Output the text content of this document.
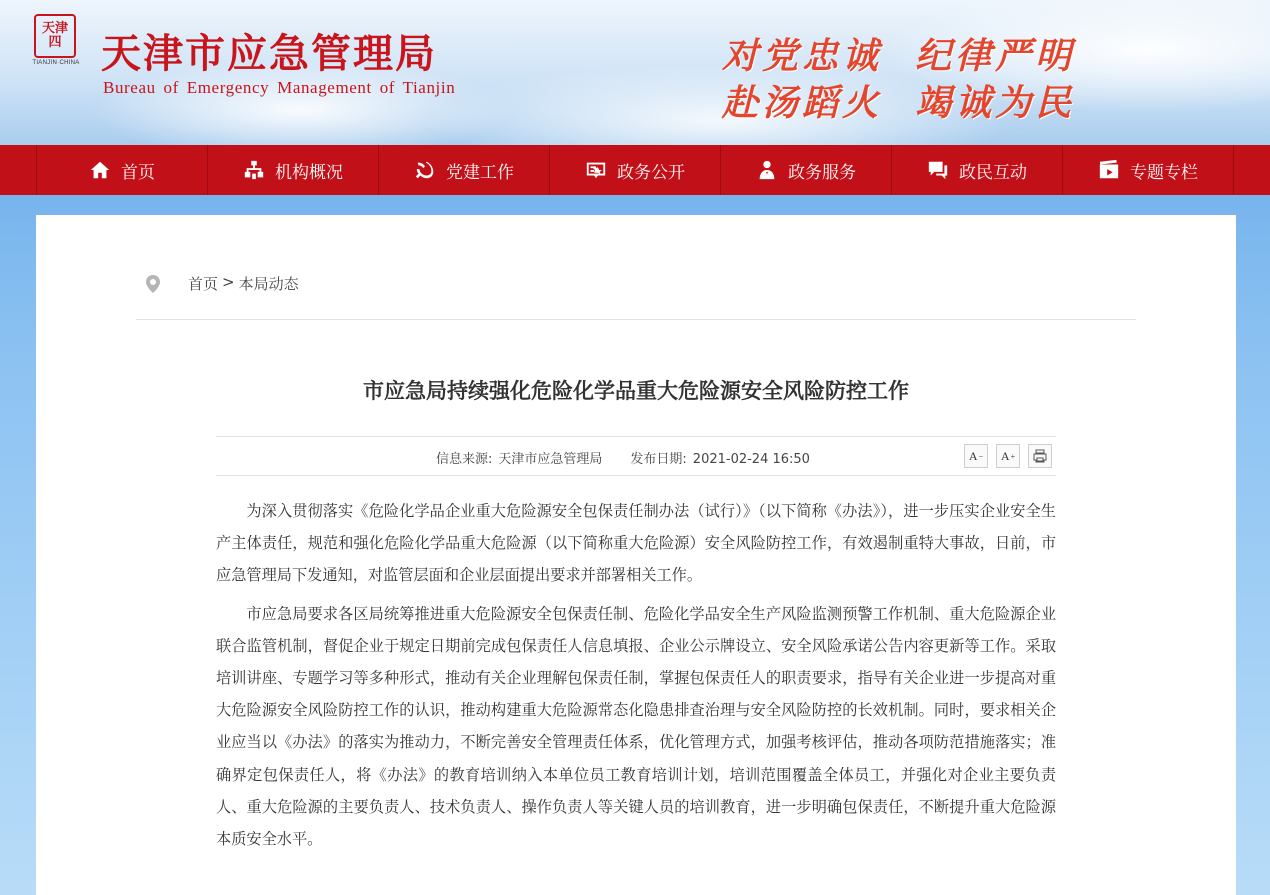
天津
四
TIANJIN·CHINA 天津市应急管理局
Bureau of Emergency Management of Tianjin
对党忠诚  纪律严明
赴汤蹈火  竭诚为民
首页	机构概况	党建工作	政务公开	政务服务	政民互动	专题专栏
首页 > 本局动态
市应急局持续强化危险化学品重大危险源安全风险防控工作
信息来源: 天津市应急管理局 发布日期: 2021-02-24 16:50	A − A +

为深入贯彻落实《危险化学品企业重大危险源安全包保责任制办法（试行）》（以下简称《办法》），进一步压实企业安全生产主体责任，规范和强化危险化学品重大危险源（以下简称重大危险源）安全风险防控工作，有效遏制重特大事故，日前，市应急管理局下发通知，对监管层面和企业层面提出要求并部署相关工作。

市应急局要求各区局统筹推进重大危险源安全包保责任制、危险化学品安全生产风险监测预警工作机制、重大危险源企业联合监管机制，督促企业于规定日期前完成包保责任人信息填报、企业公示牌设立、安全风险承诺公告内容更新等工作。采取培训讲座、专题学习等多种形式，推动有关企业理解包保责任制，掌握包保责任人的职责要求，指导有关企业进一步提高对重大危险源安全风险防控工作的认识，推动构建重大危险源常态化隐患排查治理与安全风险防控的长效机制。同时，要求相关企业应当以《办法》的落实为推动力，不断完善安全管理责任体系，优化管理方式，加强考核评估，推动各项防范措施落实；准确界定包保责任人，将《办法》的教育培训纳入本单位员工教育培训计划，培训范围覆盖全体员工，并强化对企业主要负责人、重大危险源的主要负责人、技术负责人、操作负责人等关键人员的培训教育，进一步明确包保责任，不断提升重大危险源本质安全水平。
